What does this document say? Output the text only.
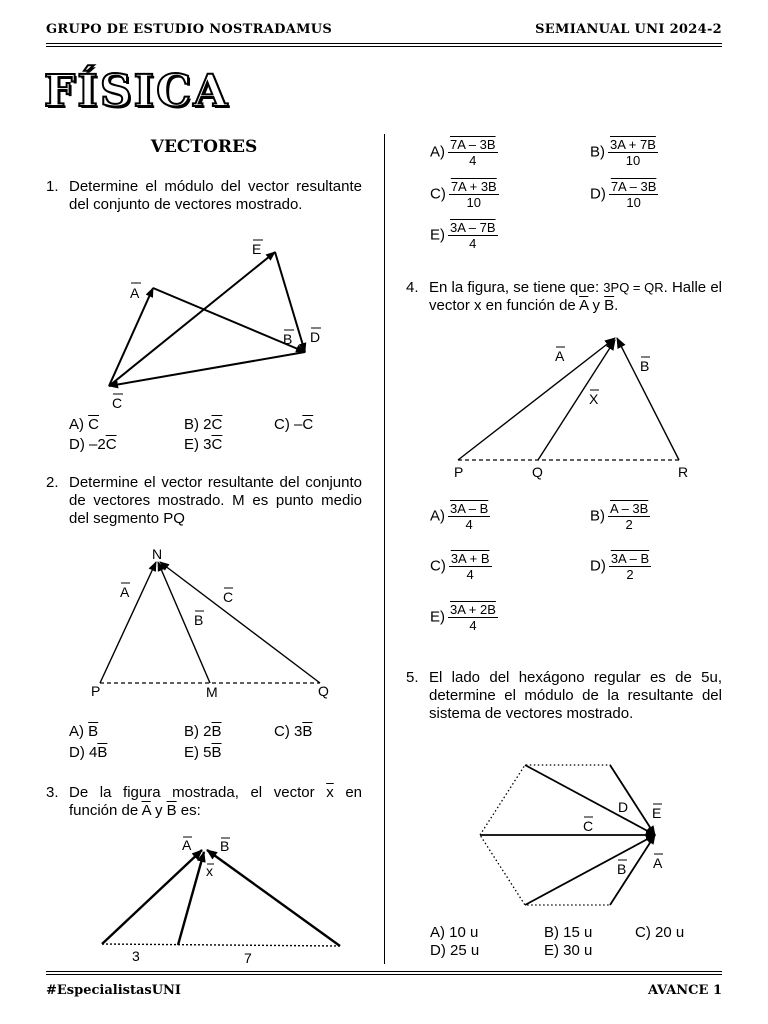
GRUPO DE ESTUDIO NOSTRADAMUS	SEMIANUAL UNI 2024-2
FÍSICA
VECTORES
1. Determine el módulo del vector resultante del conjunto de vectores mostrado.
A
E
B D
C
A) $\overline{C}$	B) $2\overline{C}$	C) $-\overline{C}$
D) $-2\overline{C}$	E) $3\overline{C}$
2. Determine el vector resultante del conjunto de vectores mostrado. M es punto medio del segmento PQ
N
A
B
C
P	M	Q
A) $\overline{B}$	B) $2\overline{B}$	C) $3\overline{B}$
D) $4\overline{B}$	E) $5\overline{B}$
3. De la figura mostrada, el vector $\overline{x}$ en función de $\overline{A}$ y $\overline{B}$ es:
A B
x
3	7
$A) \frac{7A - 3B}{4}$	$B) \frac{3A + 7B}{10}$
$C) \frac{7A + 3B}{10}$	$D) \frac{7A - 3B}{10}$
$E) \frac{3A - 7B}{4}$
4. En la figura, se tiene que: 3PQ = QR. Halle el vector x en función de $\overline{A}$ y $\overline{B}$.
A
B
X
P	Q	R
$A) \frac{3A - B}{4}$	$B) \frac{A - 3B}{2}$
$C) \frac{3A + B}{4}$	$D) \frac{3A - B}{2}$
$E) \frac{3A + 2B}{4}$
5. El lado del hexágono regular es de 5u, determine el módulo de la resultante del sistema de vectores mostrado.
D E
C
B A
A) 10 u	B) 15 u	C) 20 u
D) 25 u	E) 30 u
#EspecialistasUNI	AVANCE 1
